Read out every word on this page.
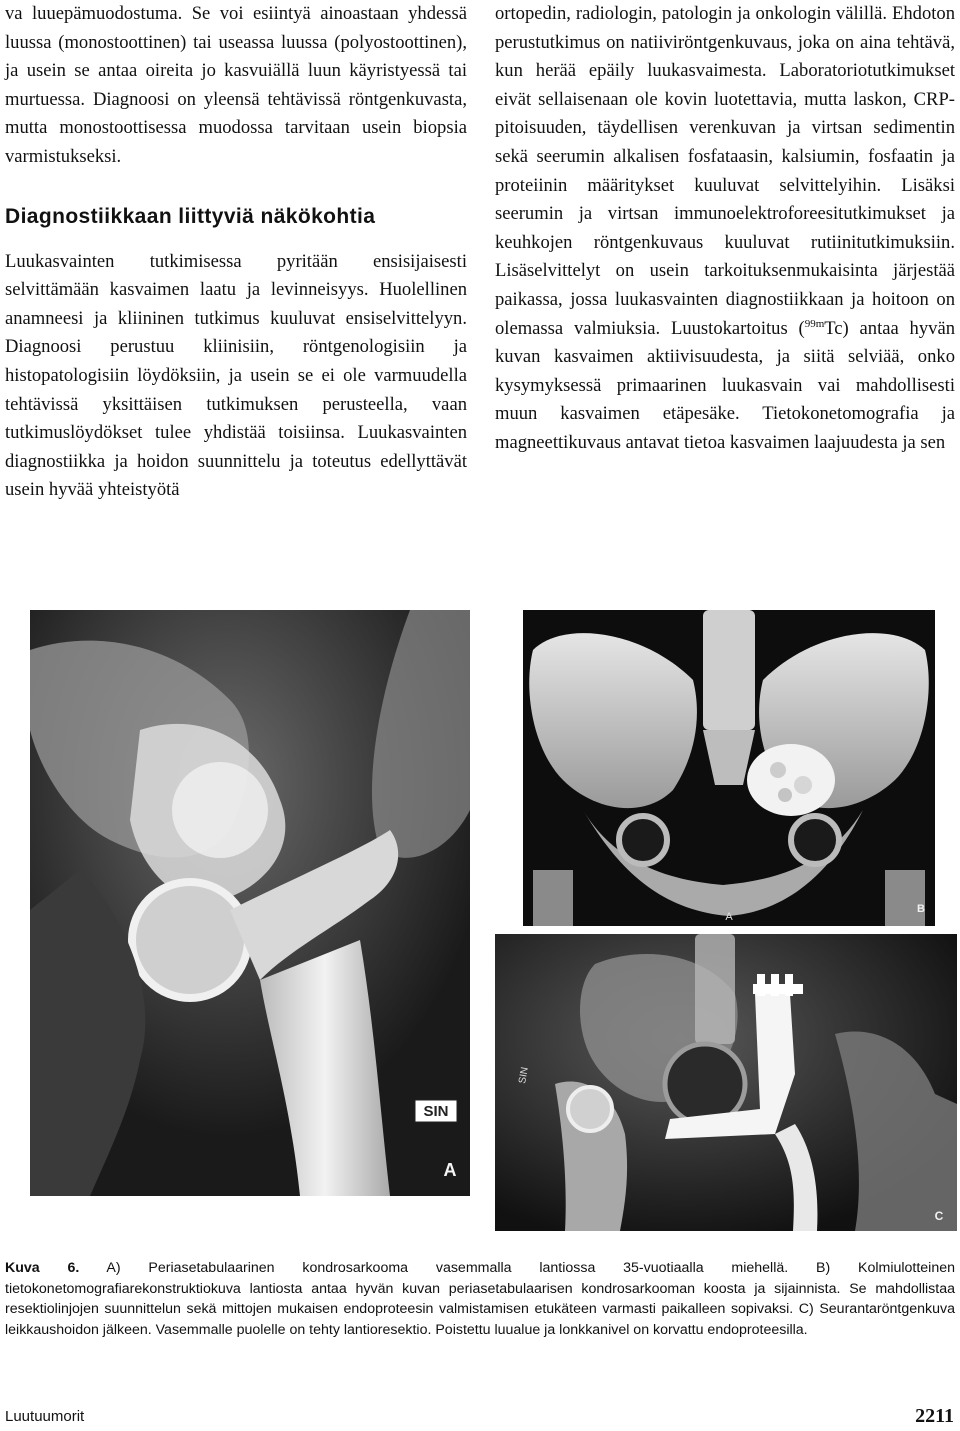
va luuepämuodostuma. Se voi esiintyä ainoastaan yhdessä luussa (monostoottinen) tai useassa luussa (polyostoottinen), ja usein se antaa oireita jo kasvuiällä luun käyristyessä tai murtuessa. Diagnoosi on yleensä tehtävissä röntgenkuvasta, mutta monostoottisessa muodossa tarvitaan usein biopsia varmistukseksi.

Diagnostiikkaan liittyviä näkökohtia

Luukasvainten tutkimisessa pyritään ensisijaisesti selvittämään kasvaimen laatu ja levinneisyys. Huolellinen anamneesi ja kliininen tutkimus kuuluvat ensiselvittelyyn. Diagnoosi perustuu kliinisiin, röntgenologisiin ja histopatologisiin löydöksiin, ja usein se ei ole varmuudella tehtävissä yksittäisen tutkimuksen perusteella, vaan tutkimuslöydökset tulee yhdistää toisiinsa. Luukasvainten diagnostiikka ja hoidon suunnittelu ja toteutus edellyttävät usein hyvää yhteistyötä

ortopedin, radiologin, patologin ja onkologin välillä. Ehdoton perustutkimus on natiiviröntgenkuvaus, joka on aina tehtävä, kun herää epäily luukasvaimesta. Laboratoriotutkimukset eivät sellaisenaan ole kovin luotettavia, mutta laskon, CRP-pitoisuuden, täydellisen verenkuvan ja virtsan sedimentin sekä seerumin alkalisen fosfataasin, kalsiumin, fosfaatin ja proteiinin määritykset kuuluvat selvittelyihin. Lisäksi seerumin ja virtsan immunoelektroforeesitutkimukset ja keuhkojen röntgenkuvaus kuuluvat rutiinitutkimuksiin. Lisäselvittelyt on usein tarkoituksenmukaisinta järjestää paikassa, jossa luukasvainten diagnostiikkaan ja hoitoon on olemassa valmiuksia. Luustokartoitus ($^{99m}$Tc) antaa hyvän kuvan kasvaimen aktiivisuudesta, ja siitä selviää, onko kysymyksessä primaarinen luukasvain vai mahdollisesti muun kasvaimen etäpesäke. Tietokonetomografia ja magneettikuvaus antavat tietoa kasvaimen laajuudesta ja sen

SIN
A
A
B
SIN
C
Kuva 6. A) Periasetabulaarinen kondrosarkooma vasemmalla lantiossa 35-vuotiaalla miehellä. B) Kolmiulotteinen tietokonetomografiarekonstruktiokuva lantiosta antaa hyvän kuvan periasetabulaarisen kondrosarkooman koosta ja sijainnista. Se mahdollistaa resektiolinjojen suunnittelun sekä mittojen mukaisen endoproteesin valmistamisen etukäteen varmasti paikalleen sopivaksi. C) Seurantaröntgenkuva leikkaushoidon jälkeen. Vasemmalle puolelle on tehty lantioresektio. Poistettu luualue ja lonkkanivel on korvattu endoproteesilla.
Luutuumorit	2211
